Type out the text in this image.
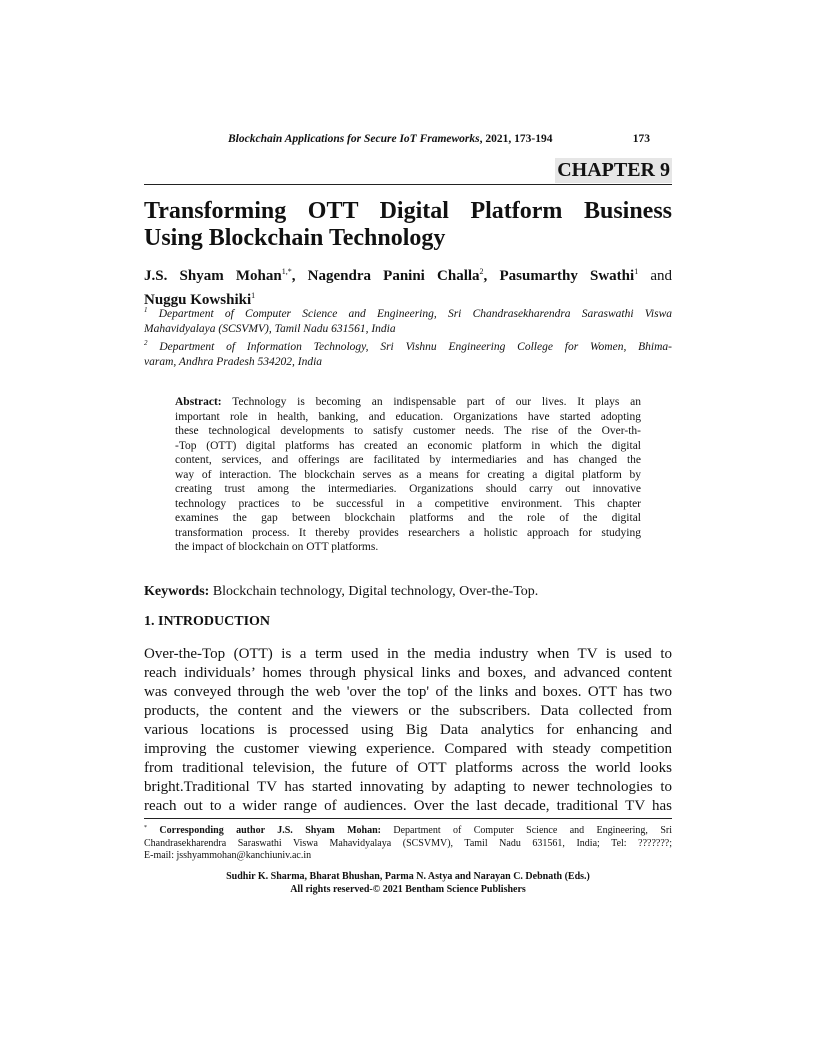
Blockchain Applications for Secure IoT Frameworks, 2021, 173-194	173
CHAPTER 9
Transforming OTT Digital Platform Business
Using Blockchain Technology
J.S. Shyam Mohan$^{1,*}$, Nagendra Panini Challa$^2$, Pasumarthy Swathi$^1$ and
Nuggu Kowshiki$^1$
$^1$ Department of Computer Science and Engineering, Sri Chandrasekharendra Saraswathi Viswa
Mahavidyalaya (SCSVMV), Tamil Nadu 631561, India
$^2$ Department of Information Technology, Sri Vishnu Engineering College for Women, Bhima-
varam, Andhra Pradesh 534202, India
Abstract: Technology is becoming an indispensable part of our lives. It plays an
important role in health, banking, and education. Organizations have started adopting
these technological developments to satisfy customer needs. The rise of the Over-th-
-Top (OTT) digital platforms has created an economic platform in which the digital
content, services, and offerings are facilitated by intermediaries and has changed the
way of interaction. The blockchain serves as a means for creating a digital platform by
creating trust among the intermediaries. Organizations should carry out innovative
technology practices to be successful in a competitive environment. This chapter
examines the gap between blockchain platforms and the role of the digital
transformation process. It thereby provides researchers a holistic approach for studying
the impact of blockchain on OTT platforms.
Keywords: Blockchain technology, Digital technology, Over-the-Top.
1. INTRODUCTION
Over-the-Top (OTT) is a term used in the media industry when TV is used to
reach individuals’ homes through physical links and boxes, and advanced content
was conveyed through the web 'over the top' of the links and boxes. OTT has two
products, the content and the viewers or the subscribers. Data collected from
various locations is processed using Big Data analytics for enhancing and
improving the customer viewing experience. Compared with steady competition
from traditional television, the future of OTT platforms across the world looks
bright.Traditional TV has started innovating by adapting to newer technologies to
reach out to a wider range of audiences. Over the last decade, traditional TV has
* Corresponding author J.S. Shyam Mohan: Department of Computer Science and Engineering, Sri
Chandrasekharendra Saraswathi Viswa Mahavidyalaya (SCSVMV), Tamil Nadu 631561, India; Tel: ???????;
E-mail: jsshyammohan@kanchiuniv.ac.in
Sudhir K. Sharma, Bharat Bhushan, Parma N. Astya and Narayan C. Debnath (Eds.)
All rights reserved-© 2021 Bentham Science Publishers
